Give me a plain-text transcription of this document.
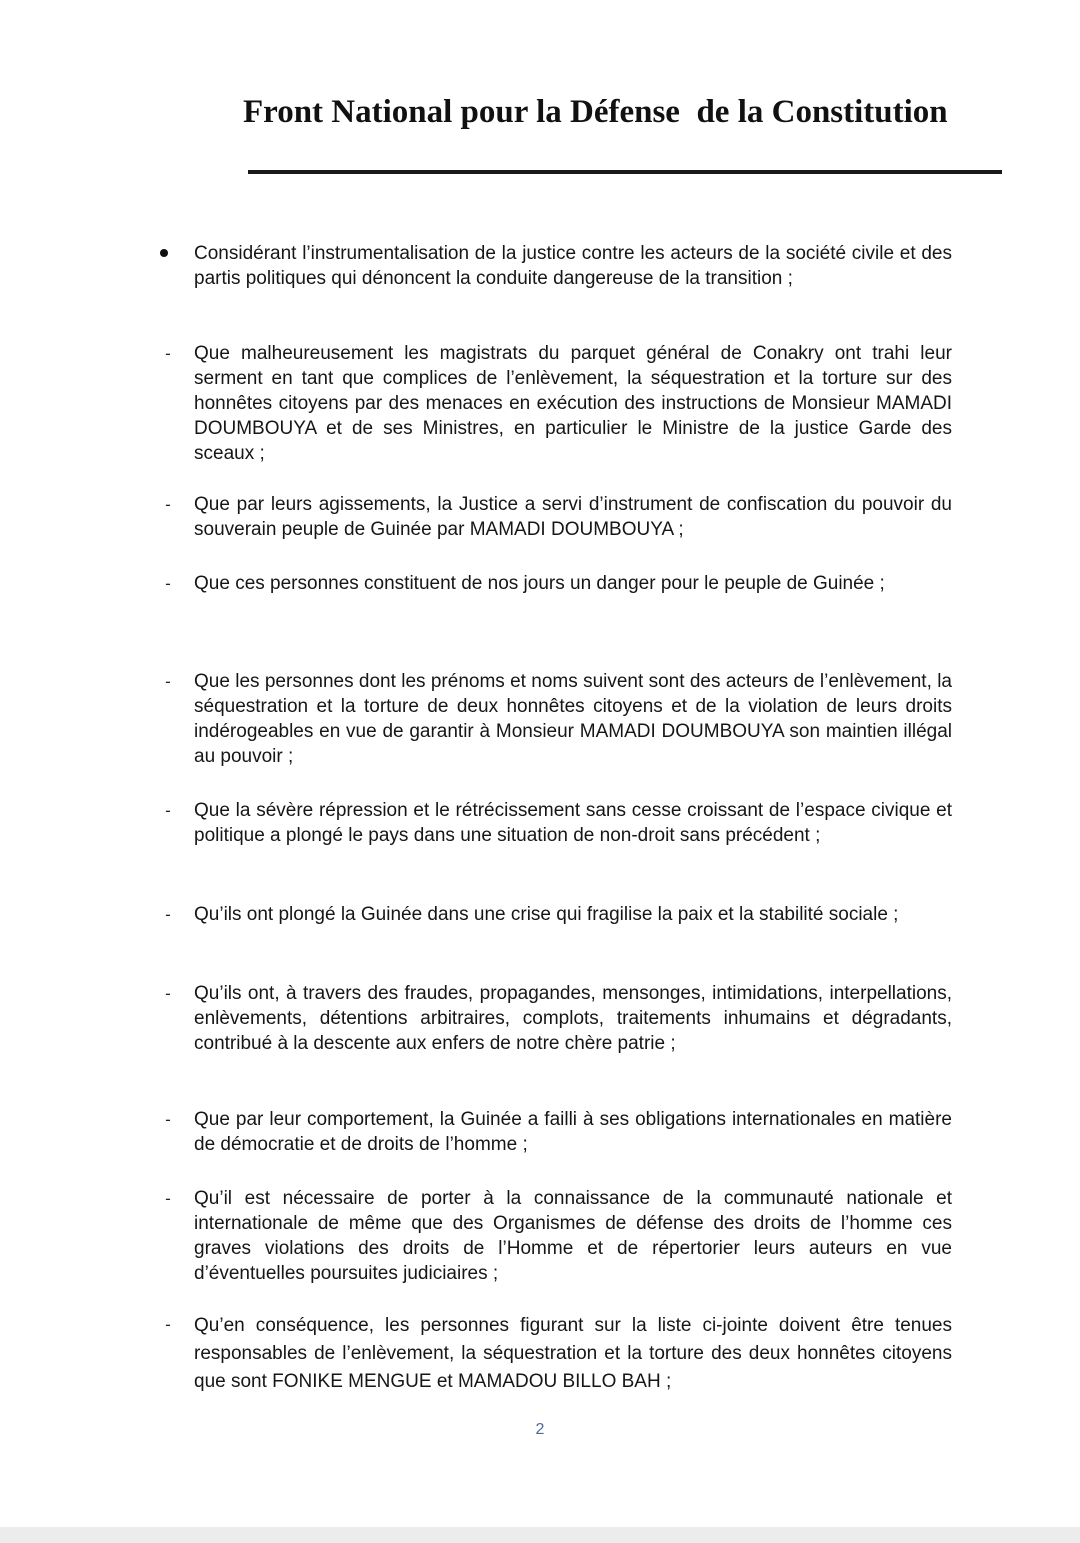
Front National pour la Défense  de la Constitution

Considérant l’instrumentalisation de la justice contre les acteurs de la société civile et des partis politiques qui dénoncent la conduite dangereuse de la transition ;

-	Que malheureusement les magistrats du parquet général de Conakry ont trahi leur serment en tant que complices de l’enlèvement, la séquestration et la torture sur des honnêtes citoyens par des menaces en exécution des instructions de Monsieur MAMADI DOUMBOUYA et de ses Ministres, en particulier le Ministre de la justice Garde des sceaux ;

-	Que par leurs agissements, la Justice a servi d’instrument de confiscation du pouvoir du souverain peuple de Guinée par MAMADI DOUMBOUYA ;

-	Que ces personnes constituent de nos jours un danger pour le peuple de Guinée ;

-	Que les personnes dont les prénoms et noms suivent sont des acteurs de l’enlèvement, la séquestration et la torture de deux honnêtes citoyens et de la violation de leurs droits indérogeables en vue de garantir à Monsieur MAMADI DOUMBOUYA son maintien illégal au pouvoir ;

-	Que la sévère répression et le rétrécissement sans cesse croissant de l’espace civique et politique a plongé le pays dans une situation de non-droit sans précédent ;

-	Qu’ils ont plongé la Guinée dans une crise qui fragilise la paix et la stabilité sociale ;

-	Qu’ils ont, à travers des fraudes, propagandes, mensonges, intimidations, interpellations, enlèvements, détentions arbitraires, complots, traitements inhumains et dégradants, contribué à la descente aux enfers de notre chère patrie ;

-	Que par leur comportement, la Guinée a failli à ses obligations internationales en matière de démocratie et de droits de l’homme ;

-	Qu’il est nécessaire de porter à la connaissance de la communauté nationale et internationale de même que des Organismes de défense des droits de l’homme ces graves violations des droits de l’Homme et de répertorier leurs auteurs en vue d’éventuelles poursuites judiciaires ;

-	Qu’en conséquence, les personnes figurant sur la liste ci-jointe doivent être tenues responsables de l’enlèvement, la séquestration et la torture des deux honnêtes citoyens que sont FONIKE MENGUE et MAMADOU BILLO BAH ;

2
